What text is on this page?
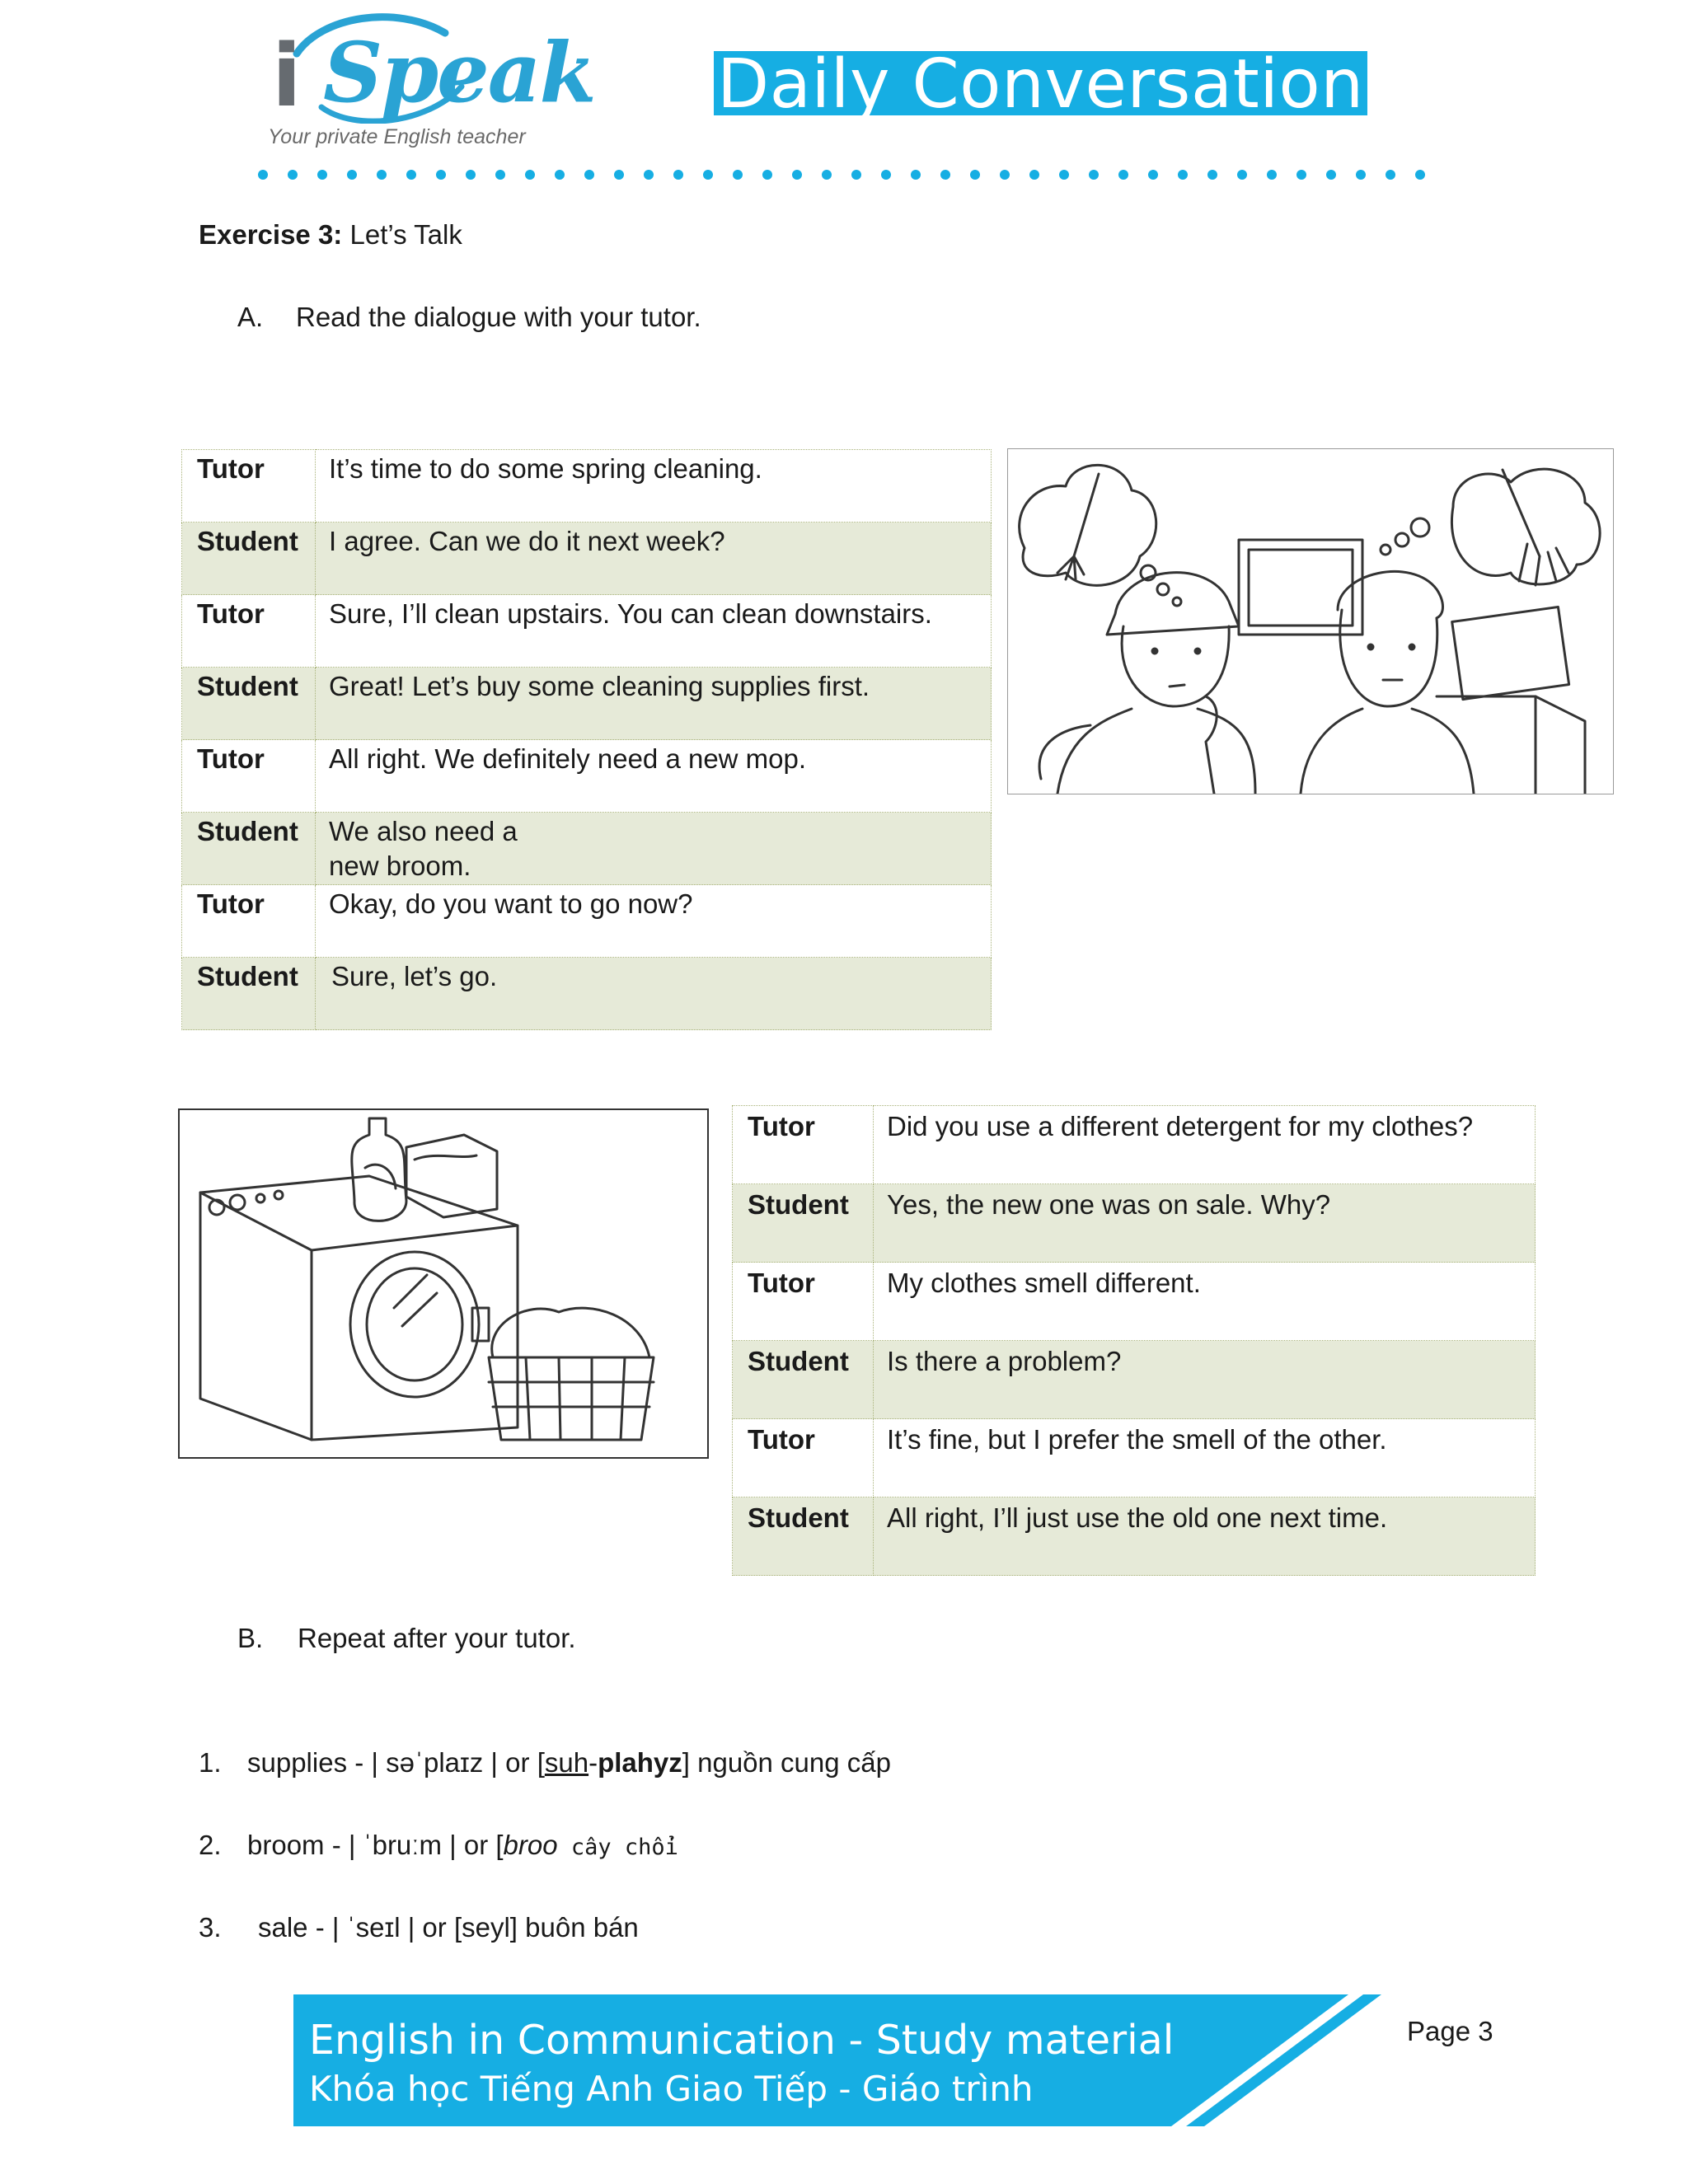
i Speak
Your private English teacher
Daily Conversation
Exercise 3: Let’s Talk
A. Read the dialogue with your tutor.
Tutor	It’s time to do some spring cleaning.
Student	I agree. Can we do it next week?
Tutor	Sure, I’ll clean upstairs. You can clean downstairs.
Student	Great! Let’s buy some cleaning supplies first.
Tutor	All right. We definitely need a new mop.
Student	We also need a new broom.
Tutor	Okay, do you want to go now?
Student	Sure, let’s go.
Tutor	Did you use a different detergent for my clothes?
Student	Yes, the new one was on sale. Why?
Tutor	My clothes smell different.
Student	Is there a problem?
Tutor	It’s fine, but I prefer the smell of the other.
Student	All right, I’ll just use the old one next time.
B. Repeat after your tutor.
1. supplies - | səˈplaɪz | or [suh-plahyz] nguồn cung cấp
2. broom - | ˈbruːm | or [broo cây chổi
3. sale - | ˈseɪl | or [seyl] buôn bán
English in Communication - Study material
Khóa học Tiếng Anh Giao Tiếp - Giáo trình
Page 3
